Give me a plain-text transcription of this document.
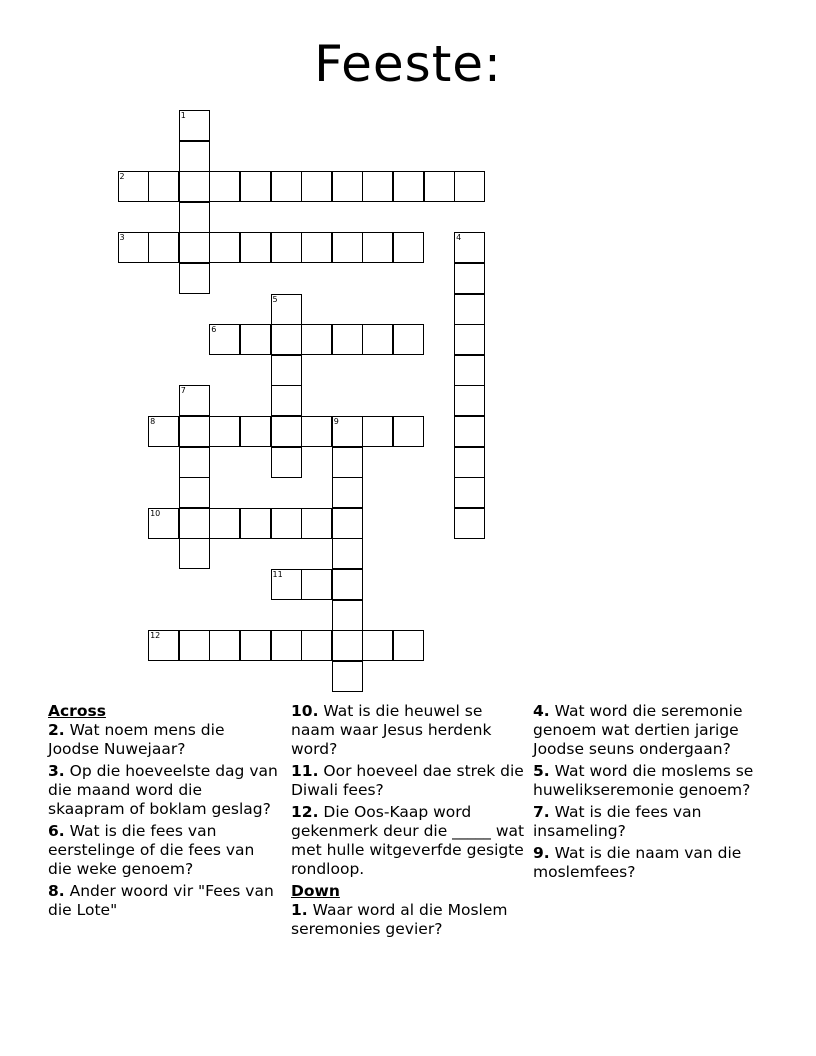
Feeste:
1
2
3	4
5
6
7
8	9
10
11
12
Across
2. Wat noem mens die Joodse Nuwejaar?
3. Op die hoeveelste dag van die maand word die skaapram of boklam geslag?
6. Wat is die fees van eerstelinge of die fees van die weke genoem?
8. Ander woord vir "Fees van die Lote"
10. Wat is die heuwel se naam waar Jesus herdenk word?
11. Oor hoeveel dae strek die Diwali fees?
12. Die Oos-Kaap word gekenmerk deur die _____ wat met hulle witgeverfde gesigte rondloop.
Down
1. Waar word al die Moslem seremonies gevier?
4. Wat word die seremonie genoem wat dertien jarige Joodse seuns ondergaan?
5. Wat word die moslems se huwelikseremonie genoem?
7. Wat is die fees van insameling?
9. Wat is die naam van die moslemfees?
